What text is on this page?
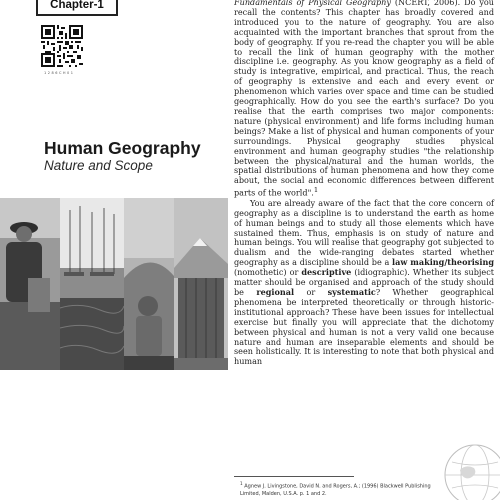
Chapter-1
1 2 8 6 C H 0 1
Human Geography
Nature and Scope

Fundamentals of Physical Geography (NCERT, 2006). Do you recall the contents? This chapter has broadly covered and introduced you to the nature of geography. You are also acquainted with the important branches that sprout from the body of geography. If you re-read the chapter you will be able to recall the link of human geography with the mother discipline i.e. geography. As you know geography as a field of study is integrative, empirical, and practical. Thus, the reach of geography is extensive and each and every event or phenomenon which varies over space and time can be studied geographically. How do you see the earth's surface? Do you realise that the earth comprises two major components: nature (physical environment) and life forms including human beings? Make a list of physical and human components of your surroundings. Physical geography studies physical environment and human geography studies "the relationship between the physical/natural and the human worlds, the spatial distributions of human phenomena and how they come about, the social and economic differences between different parts of the world".$^1$

You are already aware of the fact that the core concern of geography as a discipline is to understand the earth as home of human beings and to study all those elements which have sustained them. Thus, emphasis is on study of nature and human beings. You will realise that geography got subjected to dualism and the wide-ranging debates started whether geography as a discipline should be a law making/theorising (nomothetic) or descriptive (idiographic). Whether its subject matter should be organised and approach of the study should be regional or systematic? Whether geographical phenomena be interpreted theoretically or through historic-institutional approach? These have been issues for intellectual exercise but finally you will appreciate that the dichotomy between physical and human is not a very valid one because nature and human are inseparable elements and should be seen holistically. It is interesting to note that both physical and human

$^1$ Agnew J. Livingstone, David N. and Rogers, A.; (1996) Blackwell Publishing Limited, Malden, U.S.A. p. 1 and 2.
